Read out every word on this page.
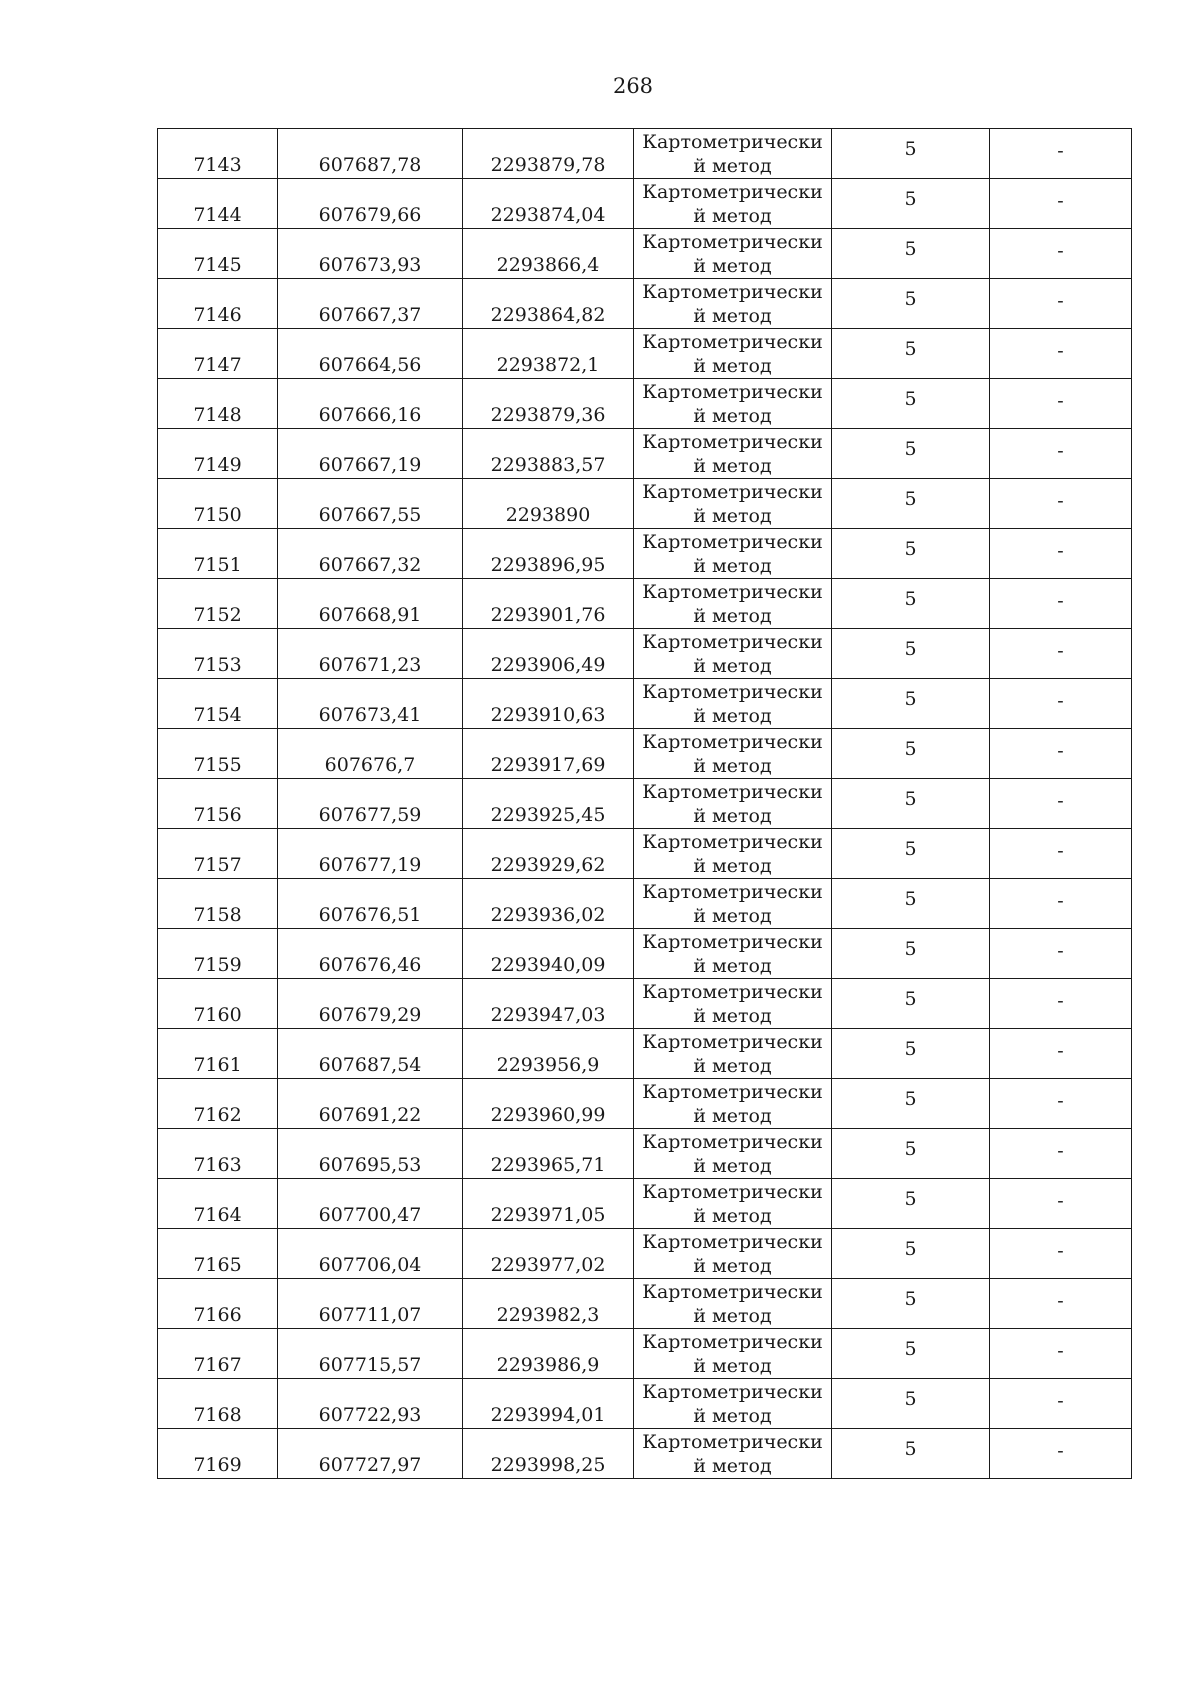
268
7143	607687,78	2293879,78	Картометрически
й метод	5	-
7144	607679,66	2293874,04	Картометрически
й метод	5	-
7145	607673,93	2293866,4	Картометрически
й метод	5	-
7146	607667,37	2293864,82	Картометрически
й метод	5	-
7147	607664,56	2293872,1	Картометрически
й метод	5	-
7148	607666,16	2293879,36	Картометрически
й метод	5	-
7149	607667,19	2293883,57	Картометрически
й метод	5	-
7150	607667,55	2293890	Картометрически
й метод	5	-
7151	607667,32	2293896,95	Картометрически
й метод	5	-
7152	607668,91	2293901,76	Картометрически
й метод	5	-
7153	607671,23	2293906,49	Картометрически
й метод	5	-
7154	607673,41	2293910,63	Картометрически
й метод	5	-
7155	607676,7	2293917,69	Картометрически
й метод	5	-
7156	607677,59	2293925,45	Картометрически
й метод	5	-
7157	607677,19	2293929,62	Картометрически
й метод	5	-
7158	607676,51	2293936,02	Картометрически
й метод	5	-
7159	607676,46	2293940,09	Картометрически
й метод	5	-
7160	607679,29	2293947,03	Картометрически
й метод	5	-
7161	607687,54	2293956,9	Картометрически
й метод	5	-
7162	607691,22	2293960,99	Картометрически
й метод	5	-
7163	607695,53	2293965,71	Картометрически
й метод	5	-
7164	607700,47	2293971,05	Картометрически
й метод	5	-
7165	607706,04	2293977,02	Картометрически
й метод	5	-
7166	607711,07	2293982,3	Картометрически
й метод	5	-
7167	607715,57	2293986,9	Картометрически
й метод	5	-
7168	607722,93	2293994,01	Картометрически
й метод	5	-
7169	607727,97	2293998,25	Картометрически
й метод	5	-
